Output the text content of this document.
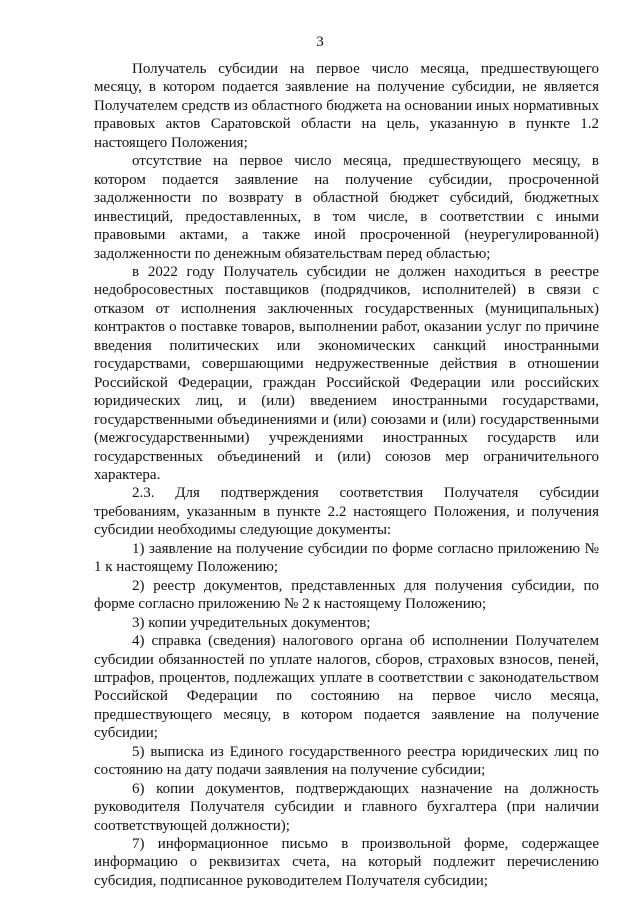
3

Получатель субсидии на первое число месяца, предшествующего месяцу, в котором подается заявление на получение субсидии, не является Получателем средств из областного бюджета на основании иных нормативных правовых актов Саратовской области на цель, указанную в пункте 1.2 настоящего Положения;

отсутствие на первое число месяца, предшествующего месяцу, в котором подается заявление на получение субсидии, просроченной задолженности по возврату в областной бюджет субсидий, бюджетных инвестиций, предоставленных, в том числе, в соответствии с иными правовыми актами, а также иной просроченной (неурегулированной) задолженности по денежным обязательствам перед областью;

в 2022 году Получатель субсидии не должен находиться в реестре недобросовестных поставщиков (подрядчиков, исполнителей) в связи с отказом от исполнения заключенных государственных (муниципальных) контрактов о поставке товаров, выполнении работ, оказании услуг по причине введения политических или экономических санкций иностранными государствами, совершающими недружественные действия в отношении Российской Федерации, граждан Российской Федерации или российских юридических лиц, и (или) введением иностранными государствами, государственными объединениями и (или) союзами и (или) государственными (межгосударственными) учреждениями иностранных государств или государственных объединений и (или) союзов мер ограничительного характера.

2.3. Для подтверждения соответствия Получателя субсидии требованиям, указанным в пункте 2.2 настоящего Положения, и получения субсидии необходимы следующие документы:

1) заявление на получение субсидии по форме согласно приложению № 1 к настоящему Положению;

2) реестр документов, представленных для получения субсидии, по форме согласно приложению № 2 к настоящему Положению;

3) копии учредительных документов;

4) справка (сведения) налогового органа об исполнении Получателем субсидии обязанностей по уплате налогов, сборов, страховых взносов, пеней, штрафов, процентов, подлежащих уплате в соответствии с законодательством Российской Федерации по состоянию на первое число месяца, предшествующего месяцу, в котором подается заявление на получение субсидии;

5) выписка из Единого государственного реестра юридических лиц по состоянию на дату подачи заявления на получение субсидии;

6) копии документов, подтверждающих назначение на должность руководителя Получателя субсидии и главного бухгалтера (при наличии соответствующей должности);

7) информационное письмо в произвольной форме, содержащее информацию о реквизитах счета, на который подлежит перечислению субсидия, подписанное руководителем Получателя субсидии;
